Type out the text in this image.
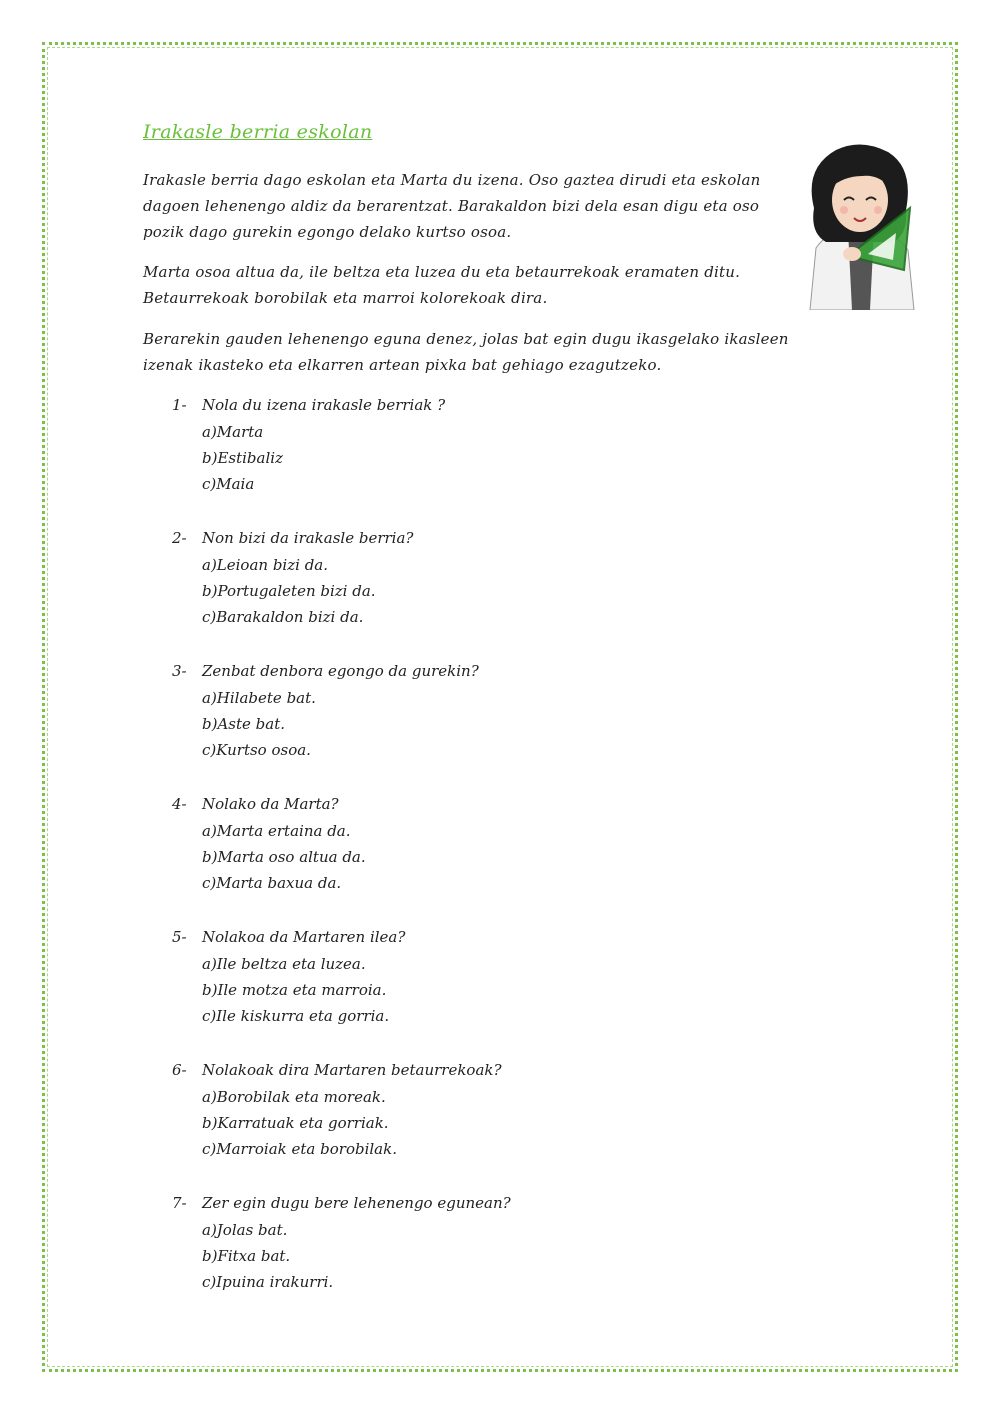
Irakasle berria eskolan
Irakasle berria dago eskolan eta Marta du izena. Oso gaztea dirudi eta eskolan dagoen lehenengo aldiz da berarentzat. Barakaldon bizi dela esan digu eta oso pozik dago gurekin egongo delako kurtso osoa.
Marta osoa altua da, ile beltza eta luzea du eta betaurrekoak eramaten ditu. Betaurrekoak borobilak eta marroi kolorekoak dira.
Berarekin gauden lehenengo eguna denez, jolas bat egin dugu ikasgelako ikasleen izenak ikasteko eta elkarren artean pixka bat gehiago ezagutzeko.
1-	Nola du izena irakasle berriak ?
a)Marta
b)Estibaliz
c)Maia
2-	Non bizi da irakasle berria?
a)Leioan bizi da.
b)Portugaleten bizi da.
c)Barakaldon bizi da.
3-	Zenbat denbora egongo da gurekin?
a)Hilabete bat.
b)Aste bat.
c)Kurtso osoa.
4-	Nolako da Marta?
a)Marta ertaina da.
b)Marta oso altua da.
c)Marta baxua da.
5-	Nolakoa da Martaren ilea?
a)Ile beltza eta luzea.
b)Ile motza eta marroia.
c)Ile kiskurra eta gorria.
6-	Nolakoak dira Martaren betaurrekoak?
a)Borobilak eta moreak.
b)Karratuak eta gorriak.
c)Marroiak eta borobilak.
7-	Zer egin dugu bere lehenengo egunean?
a)Jolas bat.
b)Fitxa bat.
c)Ipuina irakurri.
